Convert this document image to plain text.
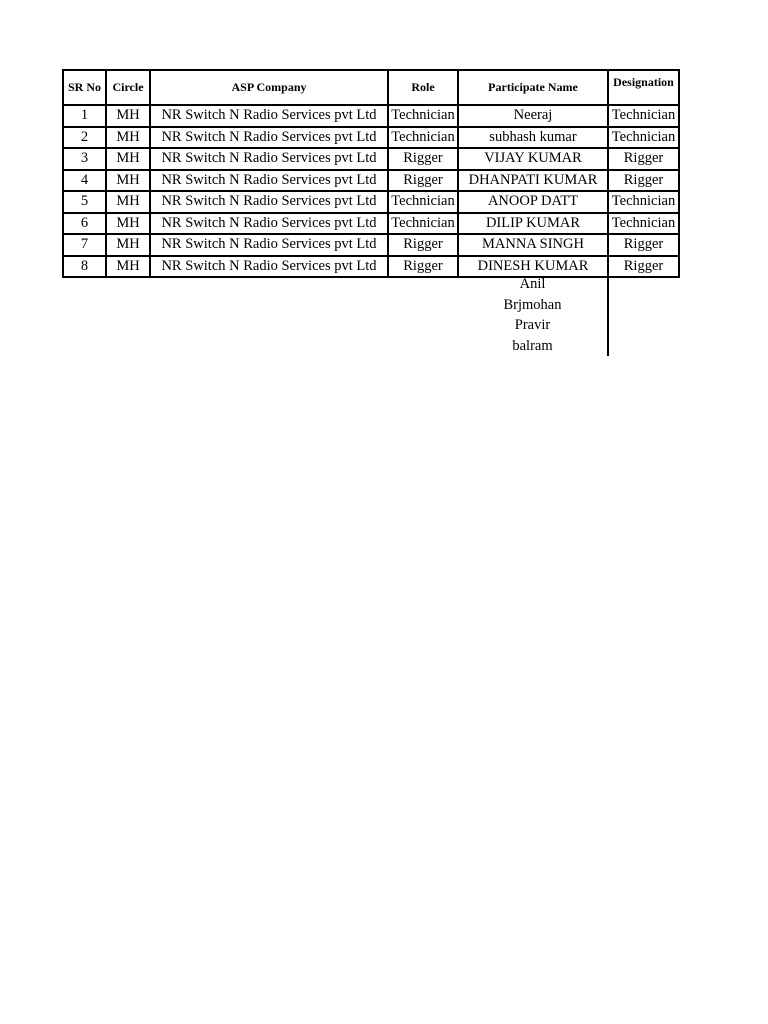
SR No	Circle	ASP Company	Role	Participate Name	Designation
1	MH	NR Switch N Radio Services pvt Ltd	Technician	Neeraj	Technician
2	MH	NR Switch N Radio Services pvt Ltd	Technician	subhash kumar	Technician
3	MH	NR Switch N Radio Services pvt Ltd	Rigger	VIJAY KUMAR	Rigger
4	MH	NR Switch N Radio Services pvt Ltd	Rigger	DHANPATI KUMAR	Rigger
5	MH	NR Switch N Radio Services pvt Ltd	Technician	ANOOP DATT	Technician
6	MH	NR Switch N Radio Services pvt Ltd	Technician	DILIP KUMAR	Technician
7	MH	NR Switch N Radio Services pvt Ltd	Rigger	MANNA SINGH	Rigger
8	MH	NR Switch N Radio Services pvt Ltd	Rigger	DINESH KUMAR	Rigger
Anil
Brjmohan
Pravir
balram
